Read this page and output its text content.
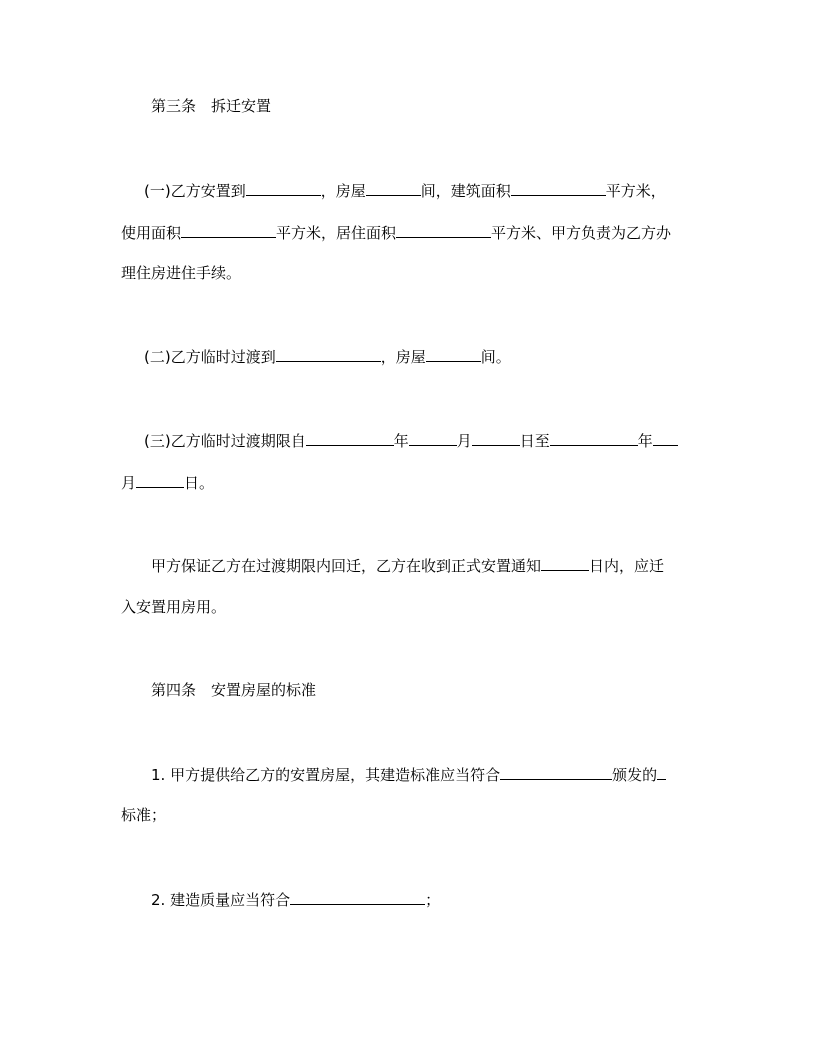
第三条 拆迁安置
(一)乙方安置到	，房屋	间，建筑面积	平方米，
使用面积	平方米，居住面积	平方米、甲方负责为乙方办
理住房进住手续。
(二)乙方临时过渡到	，房屋	间。
(三)乙方临时过渡期限自	年	月	日至	年
月	日。
甲方保证乙方在过渡期限内回迁，乙方在收到正式安置通知	日内，应迁
入安置用房用。
第四条 安置房屋的标准
1. 甲方提供给乙方的安置房屋，其建造标准应当符合	颁发的
标准；
2. 建造质量应当符合	；
